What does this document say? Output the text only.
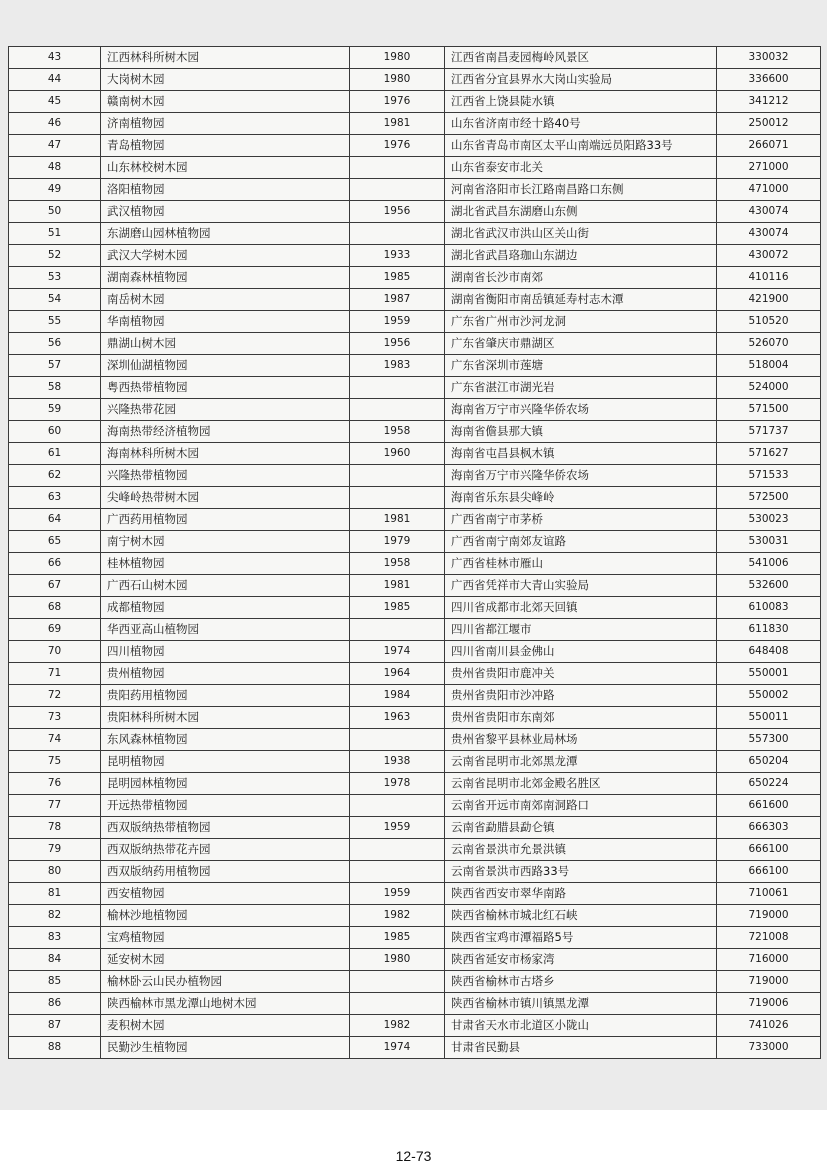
43	江西林科所树木园	1980	江西省南昌麦园梅岭风景区	330032
44	大岗树木园	1980	江西省分宜县界水大岗山实验局	336600
45	赣南树木园	1976	江西省上饶县陡水镇	341212
46	济南植物园	1981	山东省济南市经十路40号	250012
47	青岛植物园	1976	山东省青岛市南区太平山南端远员阳路33号	266071
48	山东林校树木园		山东省泰安市北关	271000
49	洛阳植物园		河南省洛阳市长江路南昌路口东侧	471000
50	武汉植物园	1956	湖北省武昌东湖磨山东侧	430074
51	东湖磨山园林植物园		湖北省武汉市洪山区关山街	430074
52	武汉大学树木园	1933	湖北省武昌珞珈山东湖边	430072
53	湖南森林植物园	1985	湖南省长沙市南郊	410116
54	南岳树木园	1987	湖南省衡阳市南岳镇延寿村志木潭	421900
55	华南植物园	1959	广东省广州市沙河龙洞	510520
56	鼎湖山树木园	1956	广东省肇庆市鼎湖区	526070
57	深圳仙湖植物园	1983	广东省深圳市莲塘	518004
58	粤西热带植物园		广东省湛江市湖光岩	524000
59	兴隆热带花园		海南省万宁市兴隆华侨农场	571500
60	海南热带经济植物园	1958	海南省儋县那大镇	571737
61	海南林科所树木园	1960	海南省屯昌县枫木镇	571627
62	兴隆热带植物园		海南省万宁市兴隆华侨农场	571533
63	尖峰岭热带树木园		海南省乐东县尖峰岭	572500
64	广西药用植物园	1981	广西省南宁市茅桥	530023
65	南宁树木园	1979	广西省南宁南郊友谊路	530031
66	桂林植物园	1958	广西省桂林市雁山	541006
67	广西石山树木园	1981	广西省凭祥市大青山实验局	532600
68	成都植物园	1985	四川省成都市北郊天回镇	610083
69	华西亚高山植物园		四川省都江堰市	611830
70	四川植物园	1974	四川省南川县金佛山	648408
71	贵州植物园	1964	贵州省贵阳市鹿冲关	550001
72	贵阳药用植物园	1984	贵州省贵阳市沙冲路	550002
73	贵阳林科所树木园	1963	贵州省贵阳市东南郊	550011
74	东风森林植物园		贵州省黎平县林业局林场	557300
75	昆明植物园	1938	云南省昆明市北郊黑龙潭	650204
76	昆明园林植物园	1978	云南省昆明市北郊金殿名胜区	650224
77	开远热带植物园		云南省开远市南郊南洞路口	661600
78	西双版纳热带植物园	1959	云南省勐腊县勐仑镇	666303
79	西双版纳热带花卉园		云南省景洪市允景洪镇	666100
80	西双版纳药用植物园		云南省景洪市西路33号	666100
81	西安植物园	1959	陕西省西安市翠华南路	710061
82	榆林沙地植物园	1982	陕西省榆林市城北红石峡	719000
83	宝鸡植物园	1985	陕西省宝鸡市潭福路5号	721008
84	延安树木园	1980	陕西省延安市杨家湾	716000
85	榆林卧云山民办植物园		陕西省榆林市古塔乡	719000
86	陕西榆林市黑龙潭山地树木园		陕西省榆林市镇川镇黑龙潭	719006
87	麦积树木园	1982	甘肃省天水市北道区小陇山	741026
88	民勤沙生植物园	1974	甘肃省民勤县	733000
12-73
